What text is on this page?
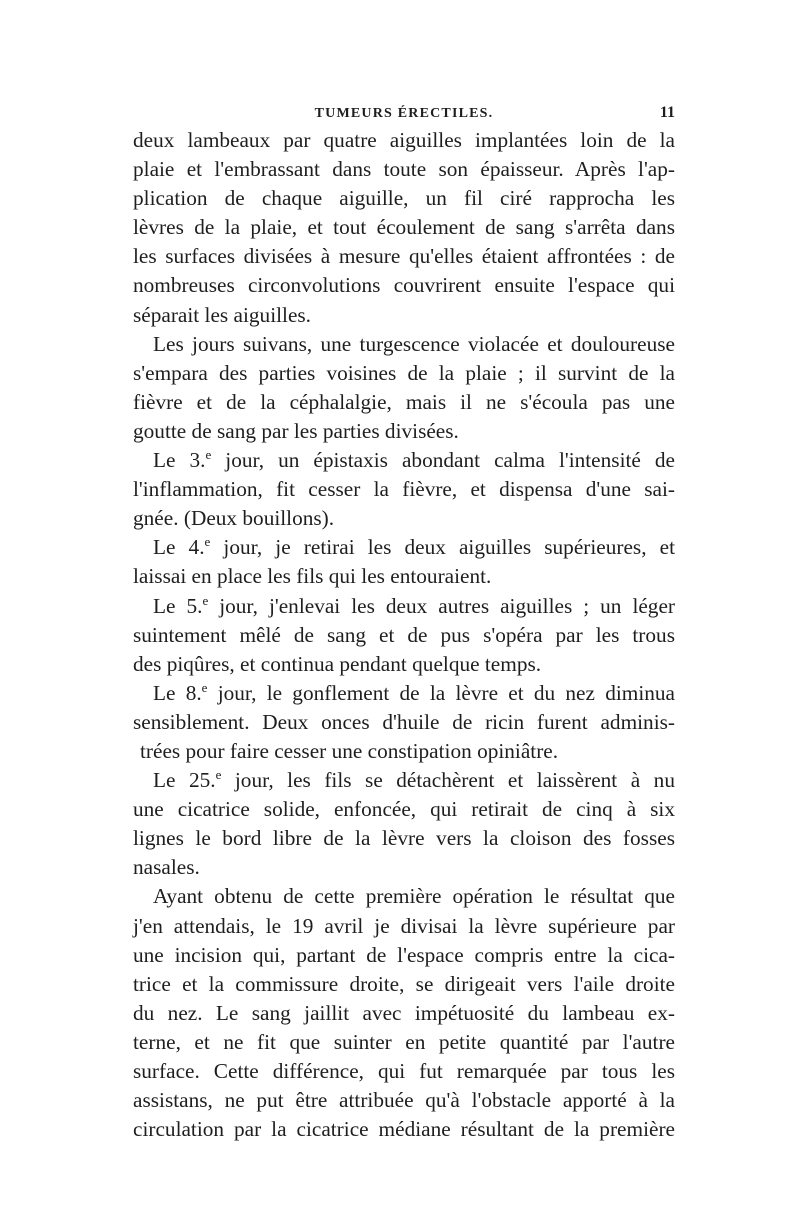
TUMEURS ÉRECTILES.	11
deux lambeaux par quatre aiguilles implantées loin de la
plaie et l'embrassant dans toute son épaisseur. Après l'ap-
plication de chaque aiguille, un fil ciré rapprocha les
lèvres de la plaie, et tout écoulement de sang s'arrêta dans
les surfaces divisées à mesure qu'elles étaient affrontées : de
nombreuses circonvolutions couvrirent ensuite l'espace qui
séparait les aiguilles.
Les jours suivans, une turgescence violacée et douloureuse
s'empara des parties voisines de la plaie ; il survint de la
fièvre et de la céphalalgie, mais il ne s'écoula pas une
goutte de sang par les parties divisées.
Le 3.$^e$ jour, un épistaxis abondant calma l'intensité de
l'inflammation, fit cesser la fièvre, et dispensa d'une sai-
gnée. (Deux bouillons).
Le 4.$^e$ jour, je retirai les deux aiguilles supérieures, et
laissai en place les fils qui les entouraient.
Le 5.$^e$ jour, j'enlevai les deux autres aiguilles ; un léger
suintement mêlé de sang et de pus s'opéra par les trous
des piqûres, et continua pendant quelque temps.
Le 8.$^e$ jour, le gonflement de la lèvre et du nez diminua
sensiblement. Deux onces d'huile de ricin furent adminis-
trées pour faire cesser une constipation opiniâtre.
Le 25.$^e$ jour, les fils se détachèrent et laissèrent à nu
une cicatrice solide, enfoncée, qui retirait de cinq à six
lignes le bord libre de la lèvre vers la cloison des fosses
nasales.
Ayant obtenu de cette première opération le résultat que
j'en attendais, le 19 avril je divisai la lèvre supérieure par
une incision qui, partant de l'espace compris entre la cica-
trice et la commissure droite, se dirigeait vers l'aile droite
du nez. Le sang jaillit avec impétuosité du lambeau ex-
terne, et ne fit que suinter en petite quantité par l'autre
surface. Cette différence, qui fut remarquée par tous les
assistans, ne put être attribuée qu'à l'obstacle apporté à la
circulation par la cicatrice médiane résultant de la première
